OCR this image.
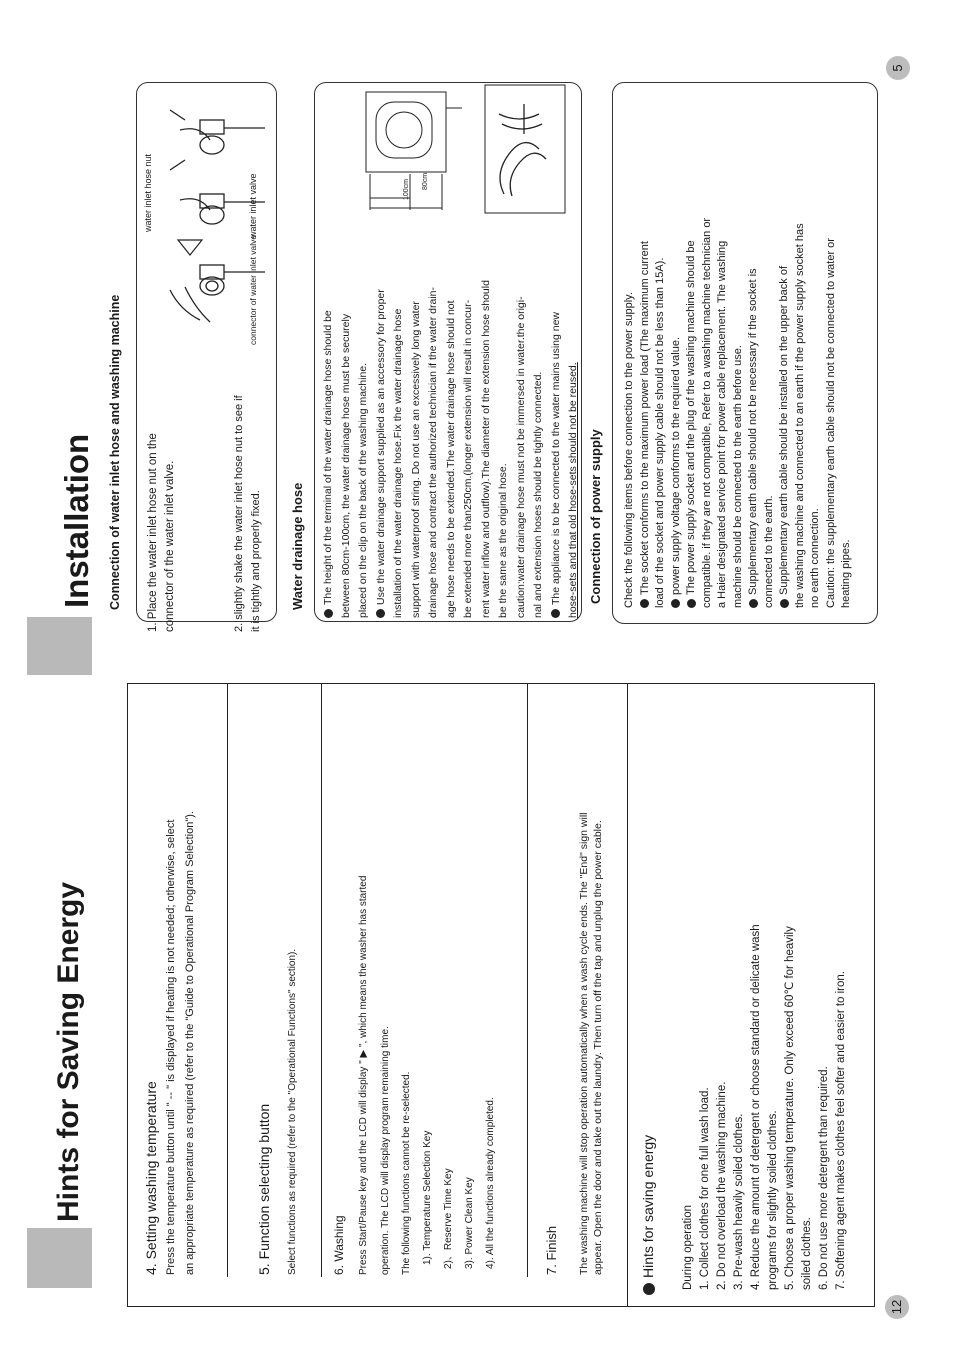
Hints for Saving Energy	4. Setting washing temperature Press the temperature button until " -- " is displayed if heating is not needed; otherwise, select an appropriate temperature as required (refer to the "Guide to Operational Program Selection").	5. Function selecting button Select functions as required (refer to the "Operational Functions" section).	6. Washing	Press Start/Pause key and the LCD will display " ▶ ", which means the washer has started	operation. The LCD will display program remaining time.	The following functions cannot be re-selected.	1). Temperature Selection Key	2)、Reserve Time Key	3). Power Clean Key	4). All the functions already completed.	7. Finish The washing machine will stop operation automatically when a wash cycle ends. The "End" sign will appear. Open the door and take out the laundry. Then turn off the tap and unplug the power cable.	Hints for saving energy During operation 1. Collect clothes for one full wash load. 2. Do not overload the washing machine. 3. Pre-wash heavily soiled clothes. 4. Reduce the amount of detergent or choose standard or delicate wash programs for slightly soiled clothes. 5. Choose a proper washing temperature. Only exceed 60℃ for heavily soiled clothes. 6. Do not use more detergent than required. 7. Softening agent makes clothes feel softer and easier to iron.
12
Installation Connection of water inlet hose and washing machine 1. Place the water inlet hose nut on the connector of the water inlet valve.	2. slightly shake the water inlet hose nut to see if it is tightly and properly fixed.
water inlet hose nut	water inlet valve
connector of water inlet valve
Water drainage hose The height of the terminal of the water drainage hose should be between 80cm-100cm, the water drainage hose must be securely placed on the clip on the back of the washing machine. Use the water drainage support supplied as an accessory for proper installation of the water drainage hose.Fix the water drainage hose support with waterproof string. Do not use an excessively long water drainage hose and contract the authorized technician if the water drain- age hose needs to be extended.The water drainage hose should not be extended more than250cm.(longer extension will result in concur- rent water inflow and outflow).The diameter of the extension hose should be the same as the original hose. caution:water drainage hose must not be immersed in water.the origi- nal and extension hoses should be tightly connected. The appliance is to be connected to the water mains using new hose-sets and that old hose-sets should not be reused.
80cm
100cm
Connection of power supply Check the following items before connection to the power supply. The socket conforms to the maximum power load (The maximum current load of the socket and power supply cable should not be less than 15A). power supply voltage conforms to the required value. The power supply socket and the plug of the washing machine should be compatible. if they are not compatible, Refer to a washing machine technician or a Haier designated service point for power cable replacement. The washing machine should be connected to the earth before use. Supplementary earth cable should not be necessary if the socket is connected to the earth. Supplementary earth cable should be installed on the upper back of the washing machine and connected to an earth if the power supply socket has no earth connection. Caution: the supplementary earth cable should not be connected to water or heating pipes.
5
